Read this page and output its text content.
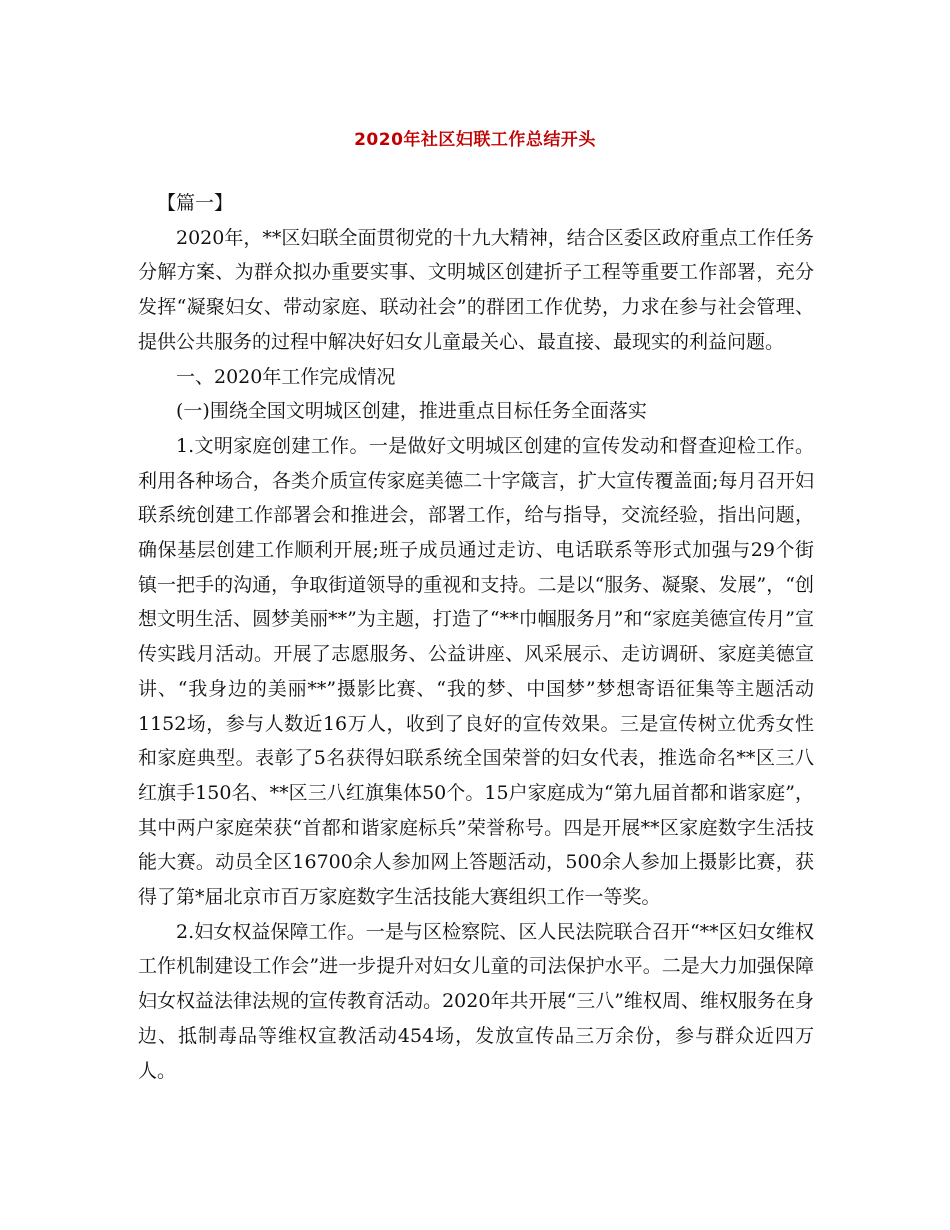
2020年社区妇联工作总结开头

【篇一】

2020年，**区妇联全面贯彻党的十九大精神，结合区委区政府重点工作任务分解方案、为群众拟办重要实事、文明城区创建折子工程等重要工作部署，充分发挥“凝聚妇女、带动家庭、联动社会”的群团工作优势，力求在参与社会管理、提供公共服务的过程中解决好妇女儿童最关心、最直接、最现实的利益问题。

一、2020年工作完成情况

(一)围绕全国文明城区创建，推进重点目标任务全面落实

1.文明家庭创建工作。一是做好文明城区创建的宣传发动和督查迎检工作。利用各种场合，各类介质宣传家庭美德二十字箴言，扩大宣传覆盖面;每月召开妇联系统创建工作部署会和推进会，部署工作，给与指导，交流经验，指出问题，确保基层创建工作顺利开展;班子成员通过走访、电话联系等形式加强与29个街镇一把手的沟通，争取街道领导的重视和支持。二是以“服务、凝聚、发展”，“创想文明生活、圆梦美丽**”为主题，打造了“**巾帼服务月”和“家庭美德宣传月”宣传实践月活动。开展了志愿服务、公益讲座、风采展示、走访调研、家庭美德宣讲、“我身边的美丽**”摄影比赛、“我的梦、中国梦”梦想寄语征集等主题活动1152场，参与人数近16万人，收到了良好的宣传效果。三是宣传树立优秀女性和家庭典型。表彰了5名获得妇联系统全国荣誉的妇女代表，推选命名**区三八红旗手150名、**区三八红旗集体50个。15户家庭成为“第九届首都和谐家庭”，其中两户家庭荣获“首都和谐家庭标兵”荣誉称号。四是开展**区家庭数字生活技能大赛。动员全区16700余人参加网上答题活动，500余人参加上摄影比赛，获得了第*届北京市百万家庭数字生活技能大赛组织工作一等奖。

2.妇女权益保障工作。一是与区检察院、区人民法院联合召开“**区妇女维权工作机制建设工作会”进一步提升对妇女儿童的司法保护水平。二是大力加强保障妇女权益法律法规的宣传教育活动。2020年共开展“三八”维权周、维权服务在身边、抵制毒品等维权宣教活动454场，发放宣传品三万余份，参与群众近四万人。
